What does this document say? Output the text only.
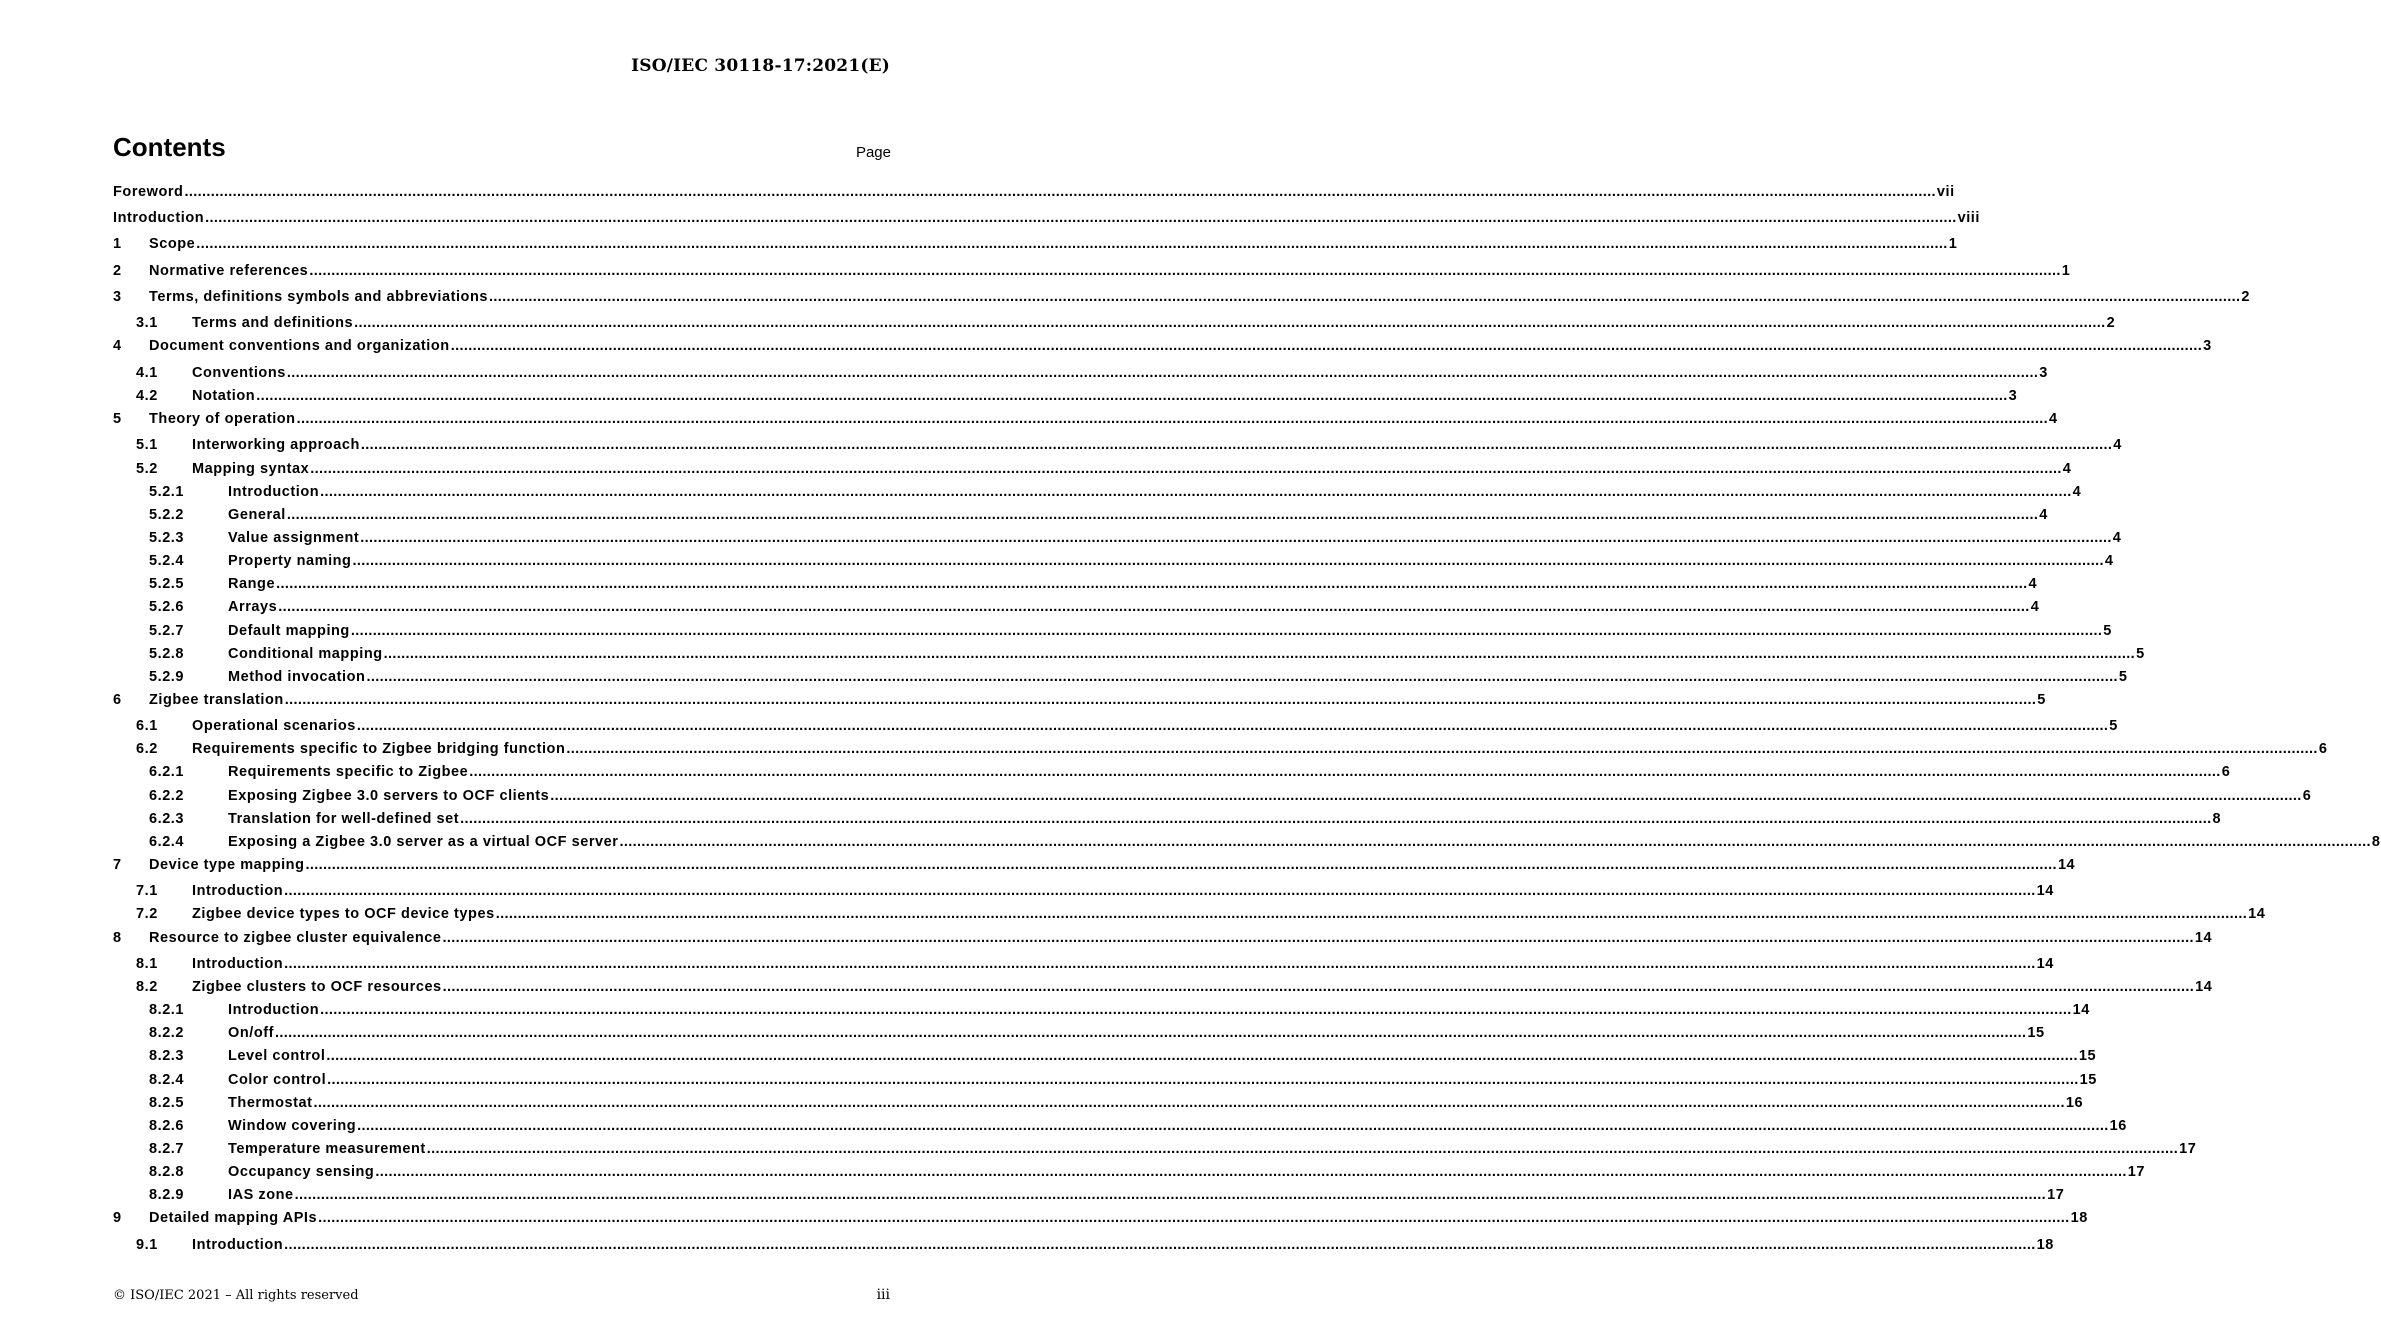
ISO/IEC 30118-17:2021(E)
Contents	Page
Foreword ................................................................................................................................................................................................................................................................................................................................................................................................................ vii
Introduction ................................................................................................................................................................................................................................................................................................................................................................................................................ viii
1 Scope ................................................................................................................................................................................................................................................................................................................................................................................................................ 1
2 Normative references ................................................................................................................................................................................................................................................................................................................................................................................................................ 1
3 Terms, definitions symbols and abbreviations ................................................................................................................................................................................................................................................................................................................................................................................................................ 2
3.1 Terms and definitions ................................................................................................................................................................................................................................................................................................................................................................................................................ 2
4 Document conventions and organization ................................................................................................................................................................................................................................................................................................................................................................................................................ 3
4.1 Conventions ................................................................................................................................................................................................................................................................................................................................................................................................................ 3
4.2 Notation ................................................................................................................................................................................................................................................................................................................................................................................................................ 3
5 Theory of operation ................................................................................................................................................................................................................................................................................................................................................................................................................ 4
5.1 Interworking approach ................................................................................................................................................................................................................................................................................................................................................................................................................ 4
5.2 Mapping syntax ................................................................................................................................................................................................................................................................................................................................................................................................................ 4
5.2.1	Introduction ................................................................................................................................................................................................................................................................................................................................................................................................................ 4
5.2.2	General ................................................................................................................................................................................................................................................................................................................................................................................................................ 4
5.2.3	Value assignment ................................................................................................................................................................................................................................................................................................................................................................................................................ 4
5.2.4	Property naming ................................................................................................................................................................................................................................................................................................................................................................................................................ 4
5.2.5	Range ................................................................................................................................................................................................................................................................................................................................................................................................................ 4
5.2.6	Arrays ................................................................................................................................................................................................................................................................................................................................................................................................................ 4
5.2.7	Default mapping ................................................................................................................................................................................................................................................................................................................................................................................................................ 5
5.2.8	Conditional mapping ................................................................................................................................................................................................................................................................................................................................................................................................................ 5
5.2.9	Method invocation ................................................................................................................................................................................................................................................................................................................................................................................................................ 5
6 Zigbee translation ................................................................................................................................................................................................................................................................................................................................................................................................................ 5
6.1 Operational scenarios ................................................................................................................................................................................................................................................................................................................................................................................................................ 5
6.2 Requirements specific to Zigbee bridging function ................................................................................................................................................................................................................................................................................................................................................................................................................ 6
6.2.1	Requirements specific to Zigbee ................................................................................................................................................................................................................................................................................................................................................................................................................ 6
6.2.2	Exposing Zigbee 3.0 servers to OCF clients ................................................................................................................................................................................................................................................................................................................................................................................................................ 6
6.2.3	Translation for well-defined set ................................................................................................................................................................................................................................................................................................................................................................................................................ 8
6.2.4	Exposing a Zigbee 3.0 server as a virtual OCF server ................................................................................................................................................................................................................................................................................................................................................................................................................ 8
7 Device type mapping ................................................................................................................................................................................................................................................................................................................................................................................................................ 14
7.1 Introduction ................................................................................................................................................................................................................................................................................................................................................................................................................ 14
7.2 Zigbee device types to OCF device types ................................................................................................................................................................................................................................................................................................................................................................................................................ 14
8 Resource to zigbee cluster equivalence ................................................................................................................................................................................................................................................................................................................................................................................................................ 14
8.1 Introduction ................................................................................................................................................................................................................................................................................................................................................................................................................ 14
8.2 Zigbee clusters to OCF resources ................................................................................................................................................................................................................................................................................................................................................................................................................ 14
8.2.1	Introduction ................................................................................................................................................................................................................................................................................................................................................................................................................ 14
8.2.2	On/off ................................................................................................................................................................................................................................................................................................................................................................................................................ 15
8.2.3	Level control ................................................................................................................................................................................................................................................................................................................................................................................................................ 15
8.2.4	Color control ................................................................................................................................................................................................................................................................................................................................................................................................................ 15
8.2.5	Thermostat ................................................................................................................................................................................................................................................................................................................................................................................................................ 16
8.2.6	Window covering ................................................................................................................................................................................................................................................................................................................................................................................................................ 16
8.2.7	Temperature measurement ................................................................................................................................................................................................................................................................................................................................................................................................................ 17
8.2.8	Occupancy sensing ................................................................................................................................................................................................................................................................................................................................................................................................................ 17
8.2.9	IAS zone ................................................................................................................................................................................................................................................................................................................................................................................................................ 17
9 Detailed mapping APIs ................................................................................................................................................................................................................................................................................................................................................................................................................ 18
9.1 Introduction ................................................................................................................................................................................................................................................................................................................................................................................................................ 18
© ISO/IEC 2021 – All rights reserved	iii
